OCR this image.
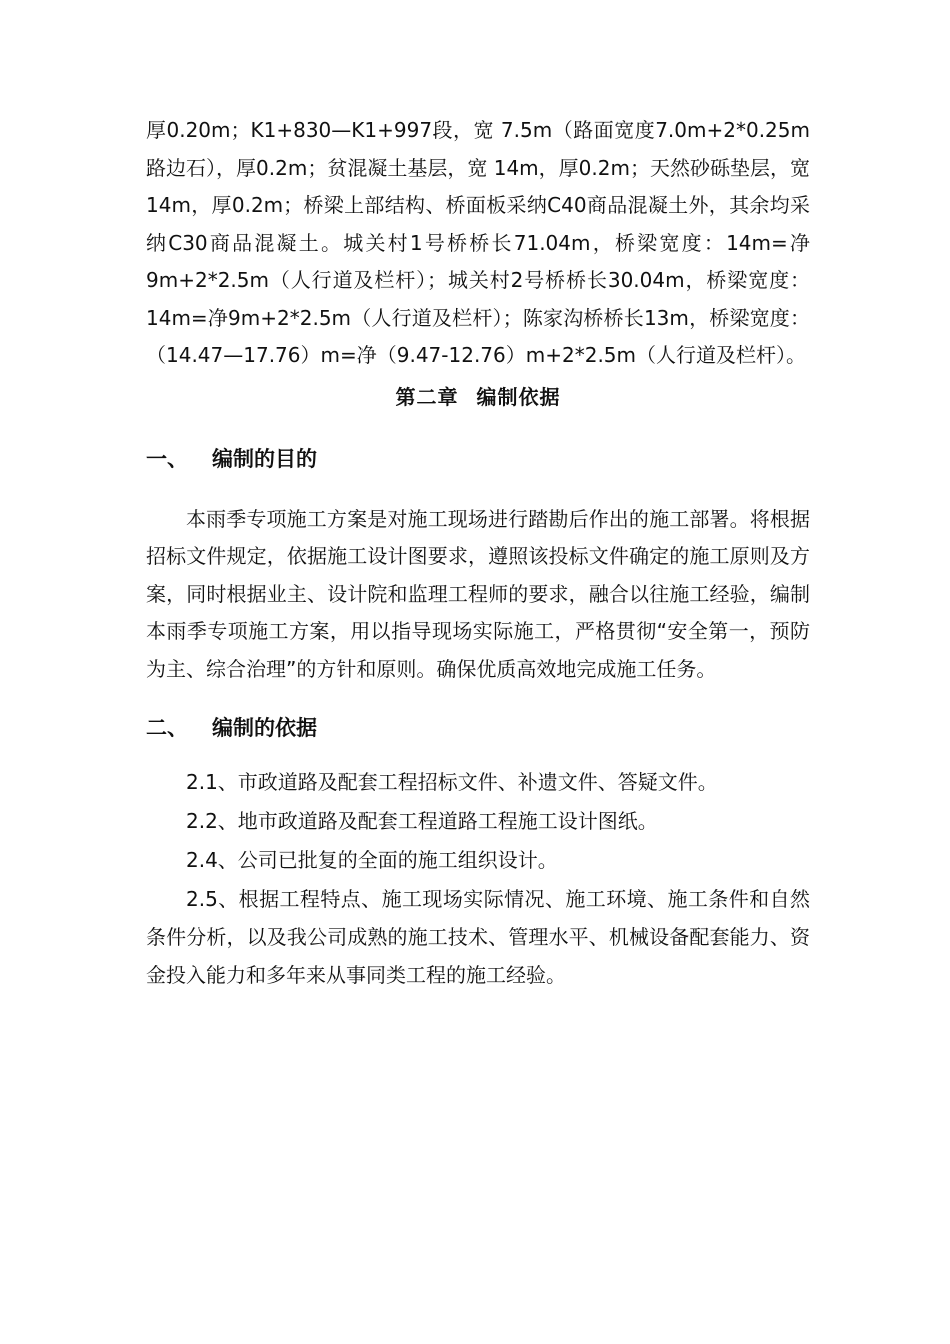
厚0.20m；K1+830—K1+997段，宽 7.5m（路面宽度7.0m+2*0.25m路边石），厚0.2m；贫混凝土基层，宽 14m，厚0.2m；天然砂砾垫层，宽14m，厚0.2m；桥梁上部结构、桥面板采纳C40商品混凝土外，其余均采纳C30商品混凝土。城关村1号桥桥长71.04m，桥梁宽度：14m=净9m+2*2.5m（人行道及栏杆）；城关村2号桥桥长30.04m，桥梁宽度：14m=净9m+2*2.5m（人行道及栏杆）；陈家沟桥桥长13m，桥梁宽度：（14.47—17.76）m=净（9.47-12.76）m+2*2.5m（人行道及栏杆）。

第二章 编制依据
一、	编制的目的

本雨季专项施工方案是对施工现场进行踏勘后作出的施工部署。将根据招标文件规定，依据施工设计图要求，遵照该投标文件确定的施工原则及方案，同时根据业主、设计院和监理工程师的要求，融合以往施工经验，编制本雨季专项施工方案，用以指导现场实际施工，严格贯彻“安全第一，预防为主、综合治理”的方针和原则。确保优质高效地完成施工任务。

二、	编制的依据

2.1、市政道路及配套工程招标文件、补遗文件、答疑文件。

2.2、地市政道路及配套工程道路工程施工设计图纸。

2.4、公司已批复的全面的施工组织设计。

2.5、根据工程特点、施工现场实际情况、施工环境、施工条件和自然条件分析，以及我公司成熟的施工技术、管理水平、机械设备配套能力、资金投入能力和多年来从事同类工程的施工经验。
